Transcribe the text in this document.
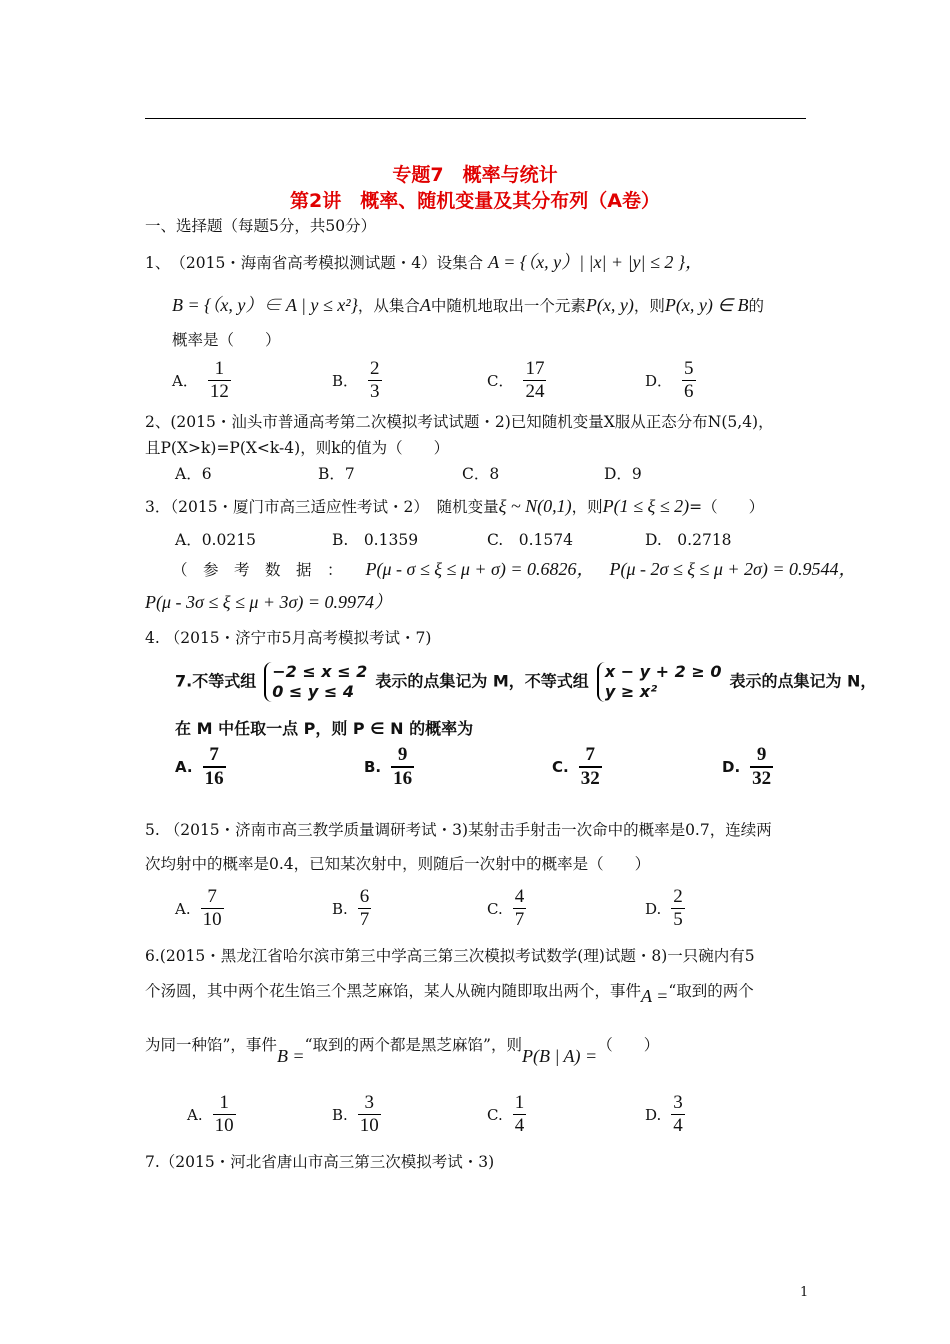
专题7　概率与统计
第2讲　概率、随机变量及其分布列（A卷）
一、选择题（每题5分，共50分）
1、　（2015・海南省高考模拟测试题・4）设集合 A = {（x, y）| |x| + |y| ≤ 2 }，
B = {（x, y）∈ A | y ≤ x²}，从集合A中随机地取出一个元素P(x, y)，则P(x, y) ∈ B的
概率是（　　）
A． $\frac{1}{12}$	B． $\frac{2}{3}$	C． $\frac{17}{24}$	D． $\frac{5}{6}$
2、(2015・汕头市普通高考第二次模拟考试试题・2)已知随机变量X服从正态分布N(5,4)，
且P(X>k)=P(X<k-4)，则k的值为（　　）
A．6	B．7	C．8	D．9
3．（2015・厦门市高三适应性考试・2）　随机变量ξ ~ N(0,1)，则P(1 ≤ ξ ≤ 2)=（　　）
A．0.0215	B.　0.1359	C.　0.1574	D.　0.2718
（　参　考　数　据　： P(μ - σ ≤ ξ ≤ μ + σ) = 0.6826， P(μ - 2σ ≤ ξ ≤ μ + 2σ) = 0.9544，
P(μ - 3σ ≤ ξ ≤ μ + 3σ) = 0.9974）
4. （2015・济宁市5月高考模拟考试・7)
7.不等式组 −2 ≤ x ≤ 2
0 ≤ y ≤ 4
表示的点集记为 M，不等式组 x − y + 2 ≥ 0
y ≥ x²
表示的点集记为 N，
在 M 中任取一点 P，则 P ∈ N 的概率为
A. $\frac{7}{16}$	B. $\frac{9}{16}$	C. $\frac{7}{32}$	D. $\frac{9}{32}$
5. （2015・济南市高三教学质量调研考试・3)某射击手射击一次命中的概率是0.7，连续两
次均射中的概率是0.4，已知某次射中，则随后一次射中的概率是（　　）
A. $\frac{7}{10}$	B. $\frac{6}{7}$	C. $\frac{4}{7}$	D. $\frac{2}{5}$
6.(2015・黑龙江省哈尔滨市第三中学高三第三次模拟考试数学(理)试题・8)一只碗内有5
个汤圆，其中两个花生馅三个黑芝麻馅，某人从碗内随即取出两个，事件A =“取到的两个
为同一种馅”，事件B =“取到的两个都是黑芝麻馅”，则P(B | A) =（　　）
A. $\frac{1}{10}$	B. $\frac{3}{10}$	C. $\frac{1}{4}$	D. $\frac{3}{4}$
7.（2015・河北省唐山市高三第三次模拟考试・3)
1
